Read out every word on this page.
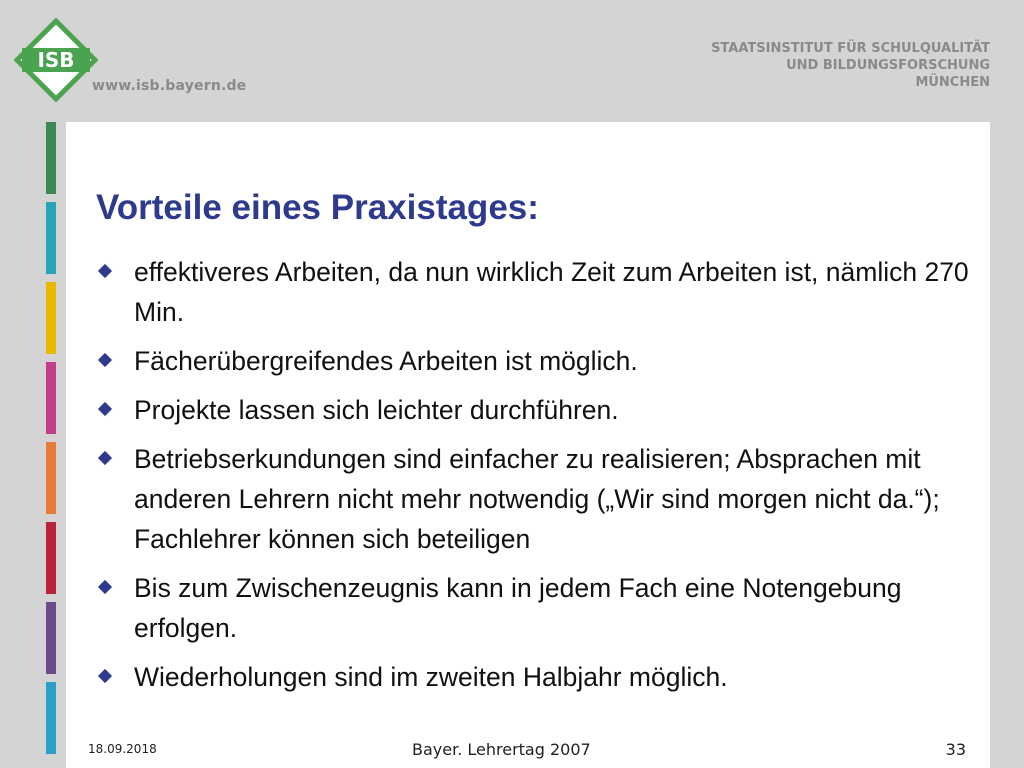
ISB
www.isb.bayern.de
STAATSINSTITUT FÜR SCHULQUALITÄT
UND BILDUNGSFORSCHUNG
MÜNCHEN
Vorteile eines Praxistages:
effektiveres Arbeiten, da nun wirklich Zeit zum Arbeiten ist, nämlich 270 Min.
Fächerübergreifendes Arbeiten ist möglich.
Projekte lassen sich leichter durchführen.
Betriebserkundungen sind einfacher zu realisieren; Absprachen mit anderen Lehrern nicht mehr notwendig („Wir sind morgen nicht da.“); Fachlehrer können sich beteiligen
Bis zum Zwischenzeugnis kann in jedem Fach eine Notengebung erfolgen.
Wiederholungen sind im zweiten Halbjahr möglich.
18.09.2018	Bayer. Lehrertag 2007	33
